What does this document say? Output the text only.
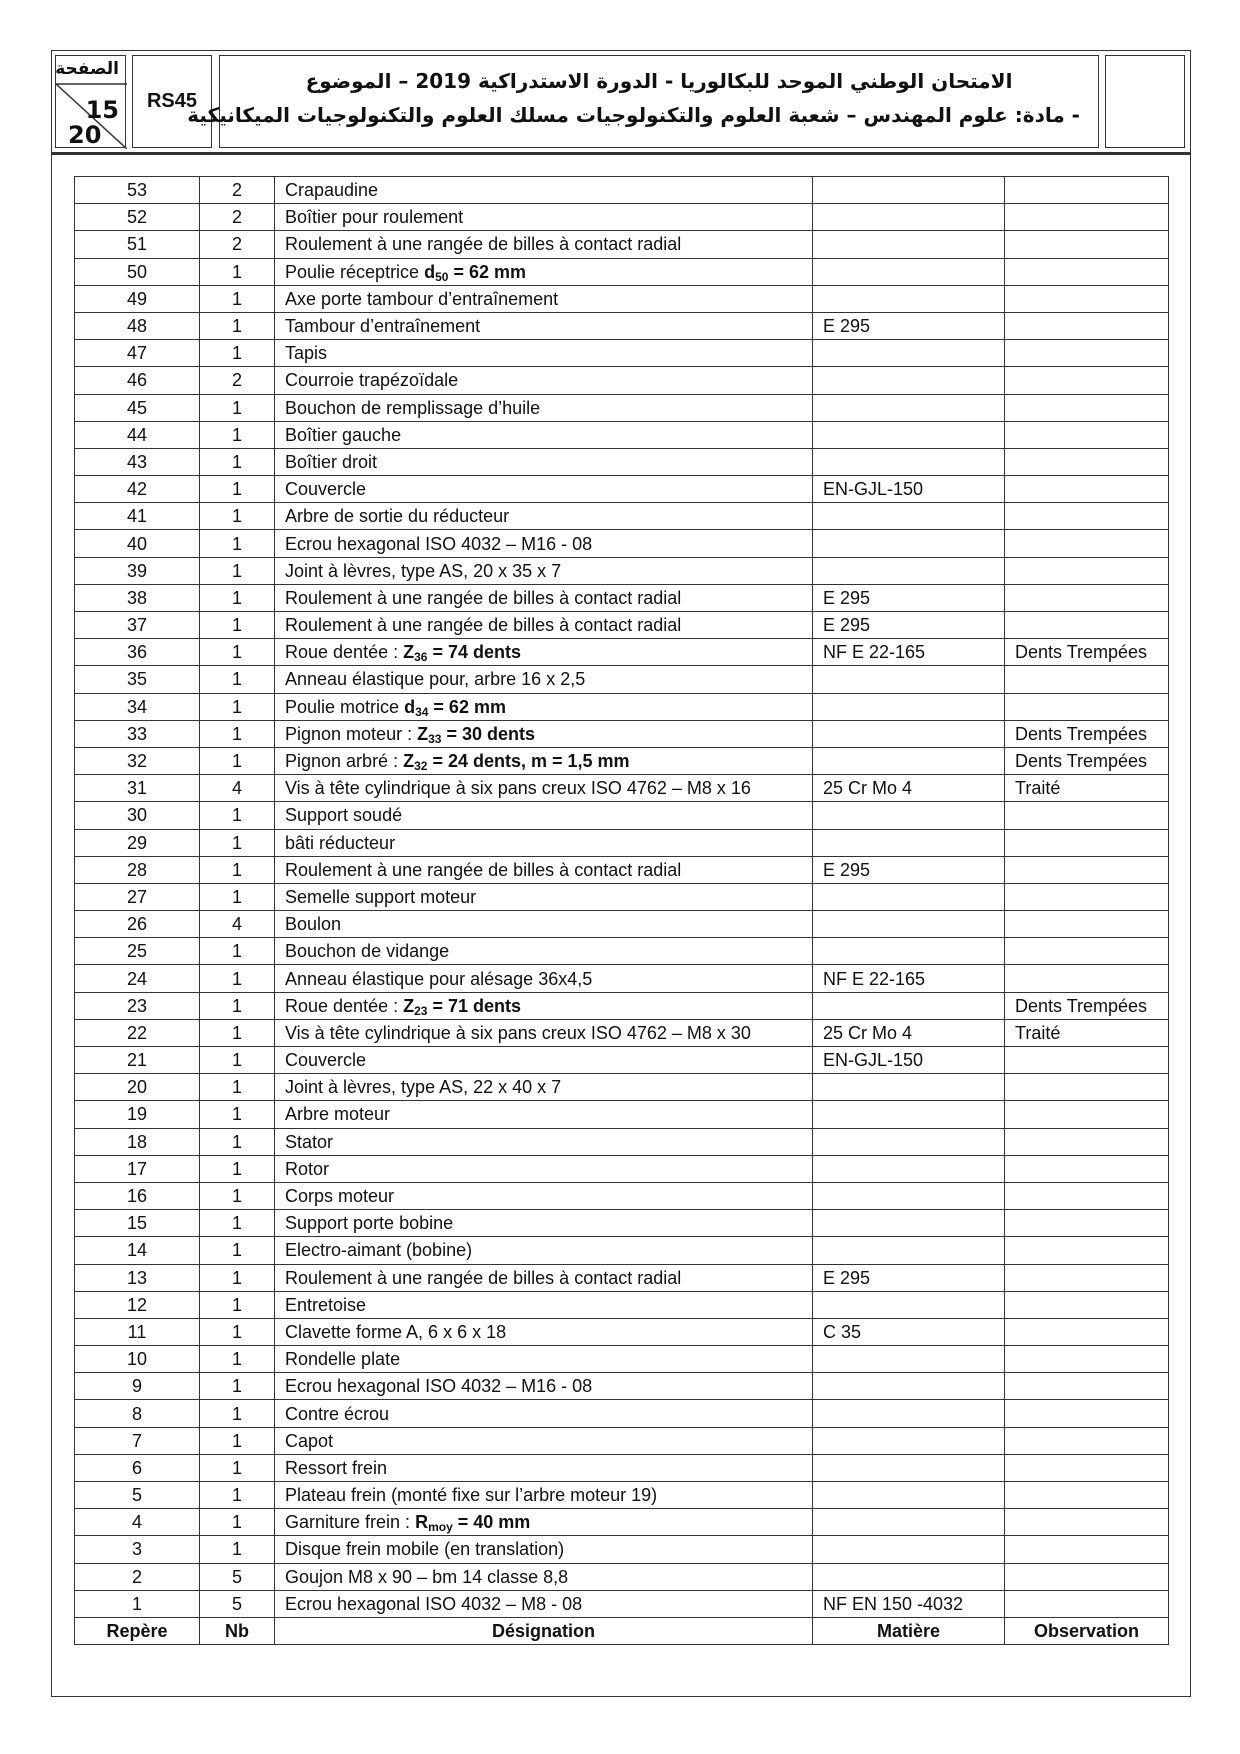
الصفحة
15
20
RS45
الامتحان الوطني الموحد للبكالوريا - الدورة الاستدراكية 2019 – الموضوع
- مادة: علوم المهندس – شعبة العلوم والتكنولوجيات مسلك العلوم والتكنولوجيات الميكانيكية
53	2	Crapaudine		
52	2	Boîtier pour roulement		
51	2	Roulement à une rangée de billes à contact radial		
50	1	Poulie réceptrice $d_{50} = 62$ mm		
49	1	Axe porte tambour d’entraînement		
48	1	Tambour d’entraînement	E 295	
47	1	Tapis		
46	2	Courroie trapézoïdale		
45	1	Bouchon de remplissage d’huile		
44	1	Boîtier gauche		
43	1	Boîtier droit		
42	1	Couvercle	EN-GJL-150	
41	1	Arbre de sortie du réducteur		
40	1	Ecrou hexagonal ISO 4032 – M16 - 08		
39	1	Joint à lèvres, type AS, 20 x 35 x 7		
38	1	Roulement à une rangée de billes à contact radial	E 295	
37	1	Roulement à une rangée de billes à contact radial	E 295	
36	1	Roue dentée : $Z_{36} = 74$ dents	NF E 22-165	Dents Trempées
35	1	Anneau élastique pour, arbre 16 x 2,5		
34	1	Poulie motrice $d_{34} = 62$ mm		
33	1	Pignon moteur : $Z_{33} = 30$ dents		Dents Trempées
32	1	Pignon arbré : $Z_{32} = 24$ dents, m = 1,5 mm		Dents Trempées
31	4	Vis à tête cylindrique à six pans creux ISO 4762 – M8 x 16	25 Cr Mo 4	Traité
30	1	Support soudé		
29	1	bâti réducteur		
28	1	Roulement à une rangée de billes à contact radial	E 295	
27	1	Semelle support moteur		
26	4	Boulon		
25	1	Bouchon de vidange		
24	1	Anneau élastique pour alésage 36x4,5	NF E 22-165	
23	1	Roue dentée : $Z_{23} = 71$ dents		Dents Trempées
22	1	Vis à tête cylindrique à six pans creux ISO 4762 – M8 x 30	25 Cr Mo 4	Traité
21	1	Couvercle	EN-GJL-150	
20	1	Joint à lèvres, type AS, 22 x 40 x 7		
19	1	Arbre moteur		
18	1	Stator		
17	1	Rotor		
16	1	Corps moteur		
15	1	Support porte bobine		
14	1	Electro-aimant (bobine)		
13	1	Roulement à une rangée de billes à contact radial	E 295	
12	1	Entretoise		
11	1	Clavette forme A, 6 x 6 x 18	C 35	
10	1	Rondelle plate		
9	1	Ecrou hexagonal ISO 4032 – M16 - 08		
8	1	Contre écrou		
7	1	Capot		
6	1	Ressort frein		
5	1	Plateau frein (monté fixe sur l’arbre moteur 19)		
4	1	Garniture frein : $R_{moy} = 40$ mm		
3	1	Disque frein mobile (en translation)		
2	5	Goujon M8 x 90 – bm 14 classe 8,8		
1	5	Ecrou hexagonal ISO 4032 – M8 - 08	NF EN 150 -4032	
Repère	Nb	Désignation	Matière	Observation
